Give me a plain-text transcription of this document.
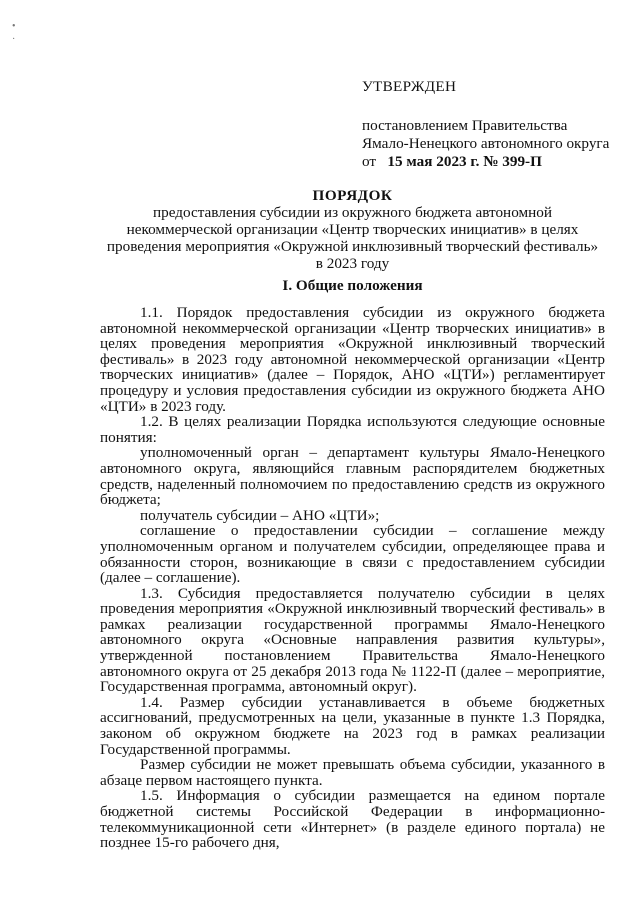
•
·

УТВЕРЖДЕН

постановлением Правительства

Ямало-Ненецкого автономного округа

от 15 мая 2023 г. № 399-П

ПОРЯДОК

предоставления субсидии из окружного бюджета автономной

некоммерческой организации «Центр творческих инициатив» в целях

проведения мероприятия «Окружной инклюзивный творческий фестиваль»

в 2023 году

I. Общие положения

1.1. Порядок предоставления субсидии из окружного бюджета автономной некоммерческой организации «Центр творческих инициатив» в целях проведения мероприятия «Окружной инклюзивный творческий фестиваль» в 2023 году автономной некоммерческой организации «Центр творческих инициатив» (далее – Порядок, АНО «ЦТИ») регламентирует процедуру и условия предоставления субсидии из окружного бюджета АНО «ЦТИ» в 2023 году.

1.2. В целях реализации Порядка используются следующие основные понятия:

уполномоченный орган – департамент культуры Ямало-Ненецкого автономного округа, являющийся главным распорядителем бюджетных средств, наделенный полномочием по предоставлению средств из окружного бюджета;

получатель субсидии – АНО «ЦТИ»;

соглашение о предоставлении субсидии – соглашение между уполномоченным органом и получателем субсидии, определяющее права и обязанности сторон, возникающие в связи с предоставлением субсидии (далее – соглашение).

1.3. Субсидия предоставляется получателю субсидии в целях проведения мероприятия «Окружной инклюзивный творческий фестиваль» в рамках реализации государственной программы Ямало-Ненецкого автономного округа «Основные направления развития культуры», утвержденной постановлением Правительства Ямало-Ненецкого автономного округа от 25 декабря 2013 года № 1122-П (далее – мероприятие, Государственная программа, автономный округ).

1.4. Размер субсидии устанавливается в объеме бюджетных ассигнований, предусмотренных на цели, указанные в пункте 1.3 Порядка, законом об окружном бюджете на 2023 год в рамках реализации Государственной программы.

Размер субсидии не может превышать объема субсидии, указанного в абзаце первом настоящего пункта.

1.5. Информация о субсидии размещается на едином портале бюджетной системы Российской Федерации в информационно-телекоммуникационной сети «Интернет» (в разделе единого портала) не позднее 15-го рабочего дня,
